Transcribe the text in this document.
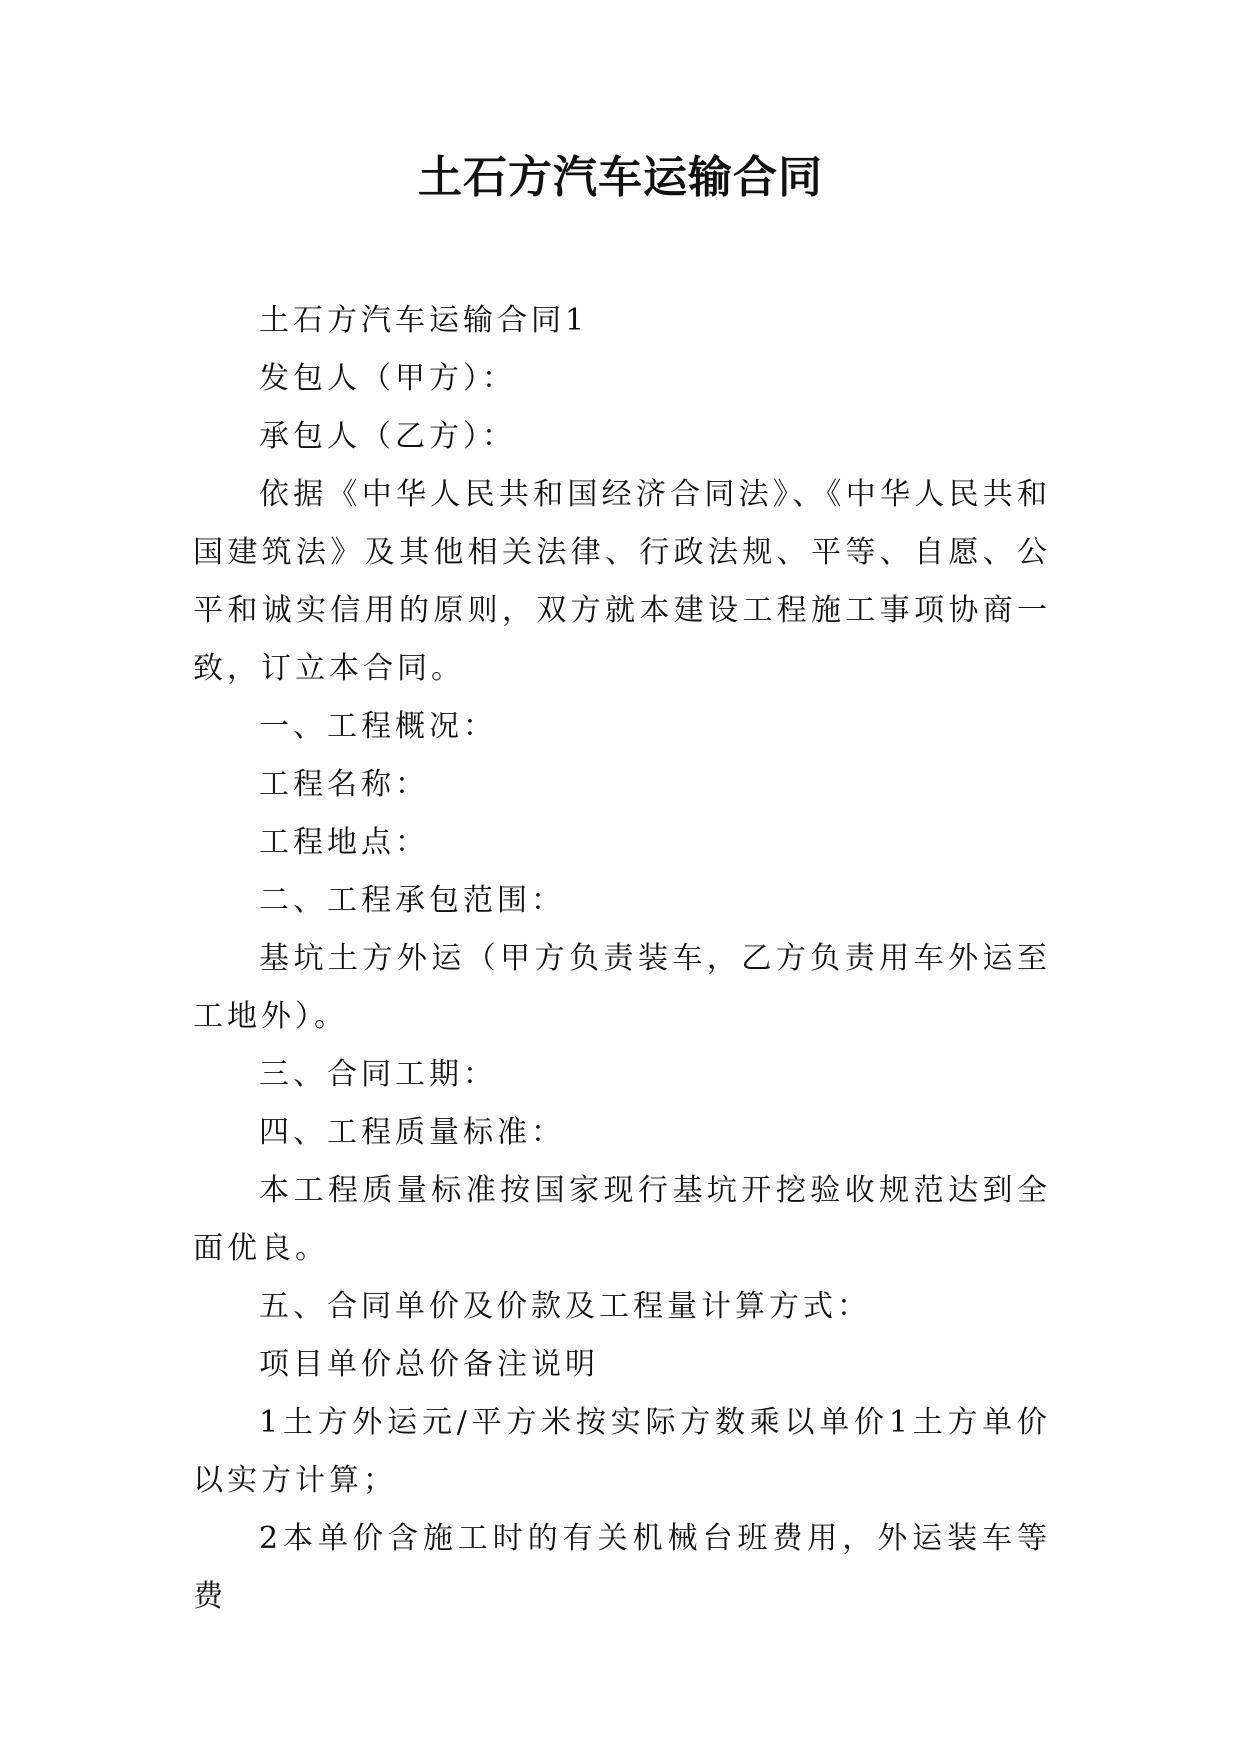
土石方汽车运输合同

土石方汽车运输合同1

发包人（甲方）：

承包人（乙方）：

依据《中华人民共和国经济合同法》、《中华人民共和国建筑法》及其他相关法律、行政法规、平等、自愿、公平和诚实信用的原则，双方就本建设工程施工事项协商一致，订立本合同。

一、工程概况：

工程名称：

工程地点：

二、工程承包范围：

基坑土方外运（甲方负责装车，乙方负责用车外运至工地外）。

三、合同工期：

四、工程质量标准：

本工程质量标准按国家现行基坑开挖验收规范达到全面优良。

五、合同单价及价款及工程量计算方式：

项目单价总价备注说明

1土方外运元/平方米按实际方数乘以单价1土方单价以实方计算；

2本单价含施工时的有关机械台班费用，外运装车等费
